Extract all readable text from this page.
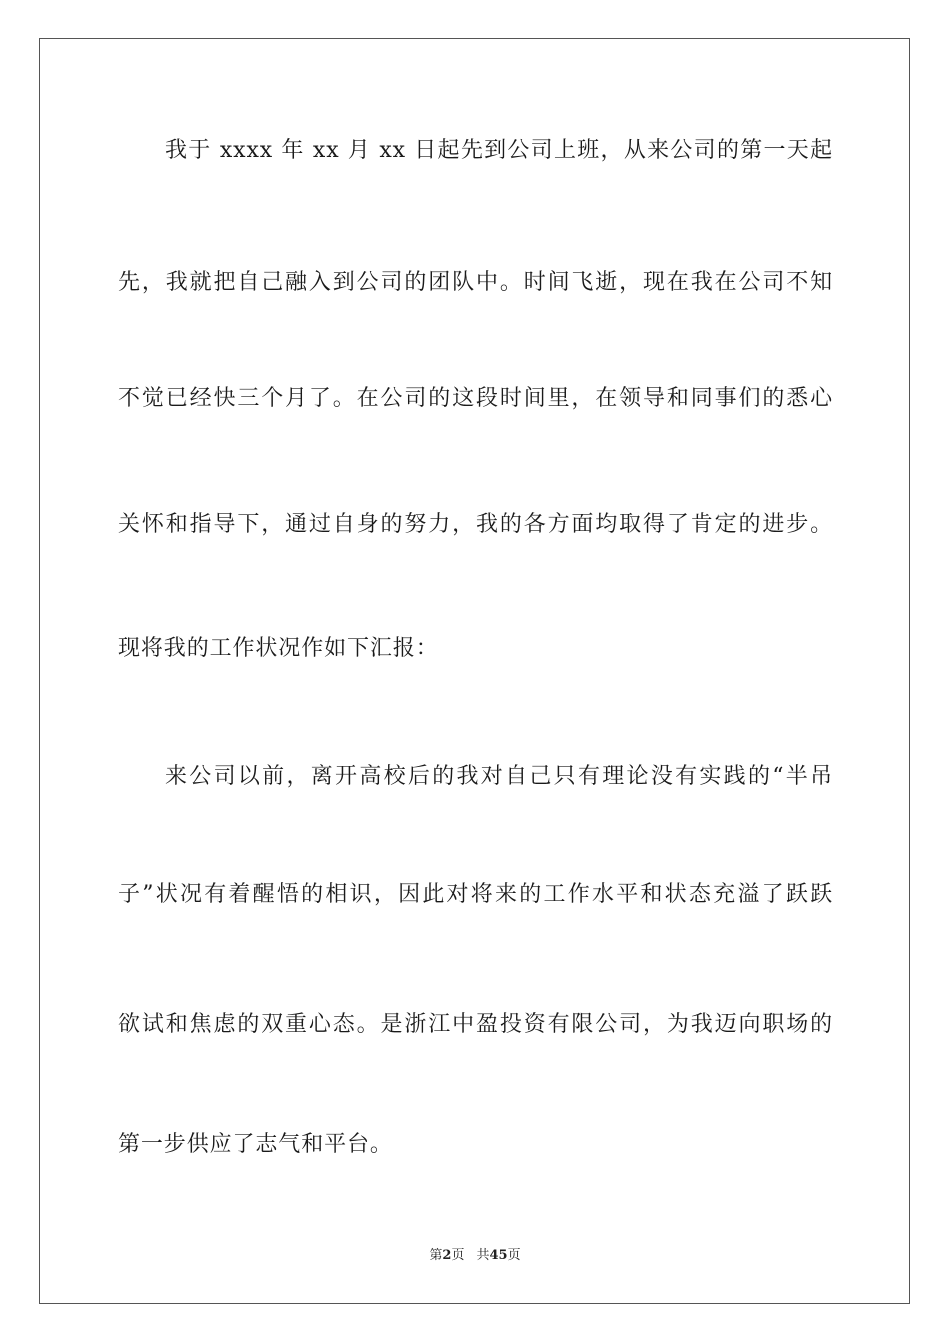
我于 xxxx 年 xx 月 xx 日起先到公司上班，从来公司的第一天起
先，我就把自己融入到公司的团队中。时间飞逝，现在我在公司不知
不觉已经快三个月了。在公司的这段时间里，在领导和同事们的悉心
关怀和指导下，通过自身的努力，我的各方面均取得了肯定的进步。
现将我的工作状况作如下汇报：
来公司以前，离开高校后的我对自己只有理论没有实践的“半吊
子”状况有着醒悟的相识，因此对将来的工作水平和状态充溢了跃跃
欲试和焦虑的双重心态。是浙江中盈投资有限公司，为我迈向职场的
第一步供应了志气和平台。
第2页 共45页
